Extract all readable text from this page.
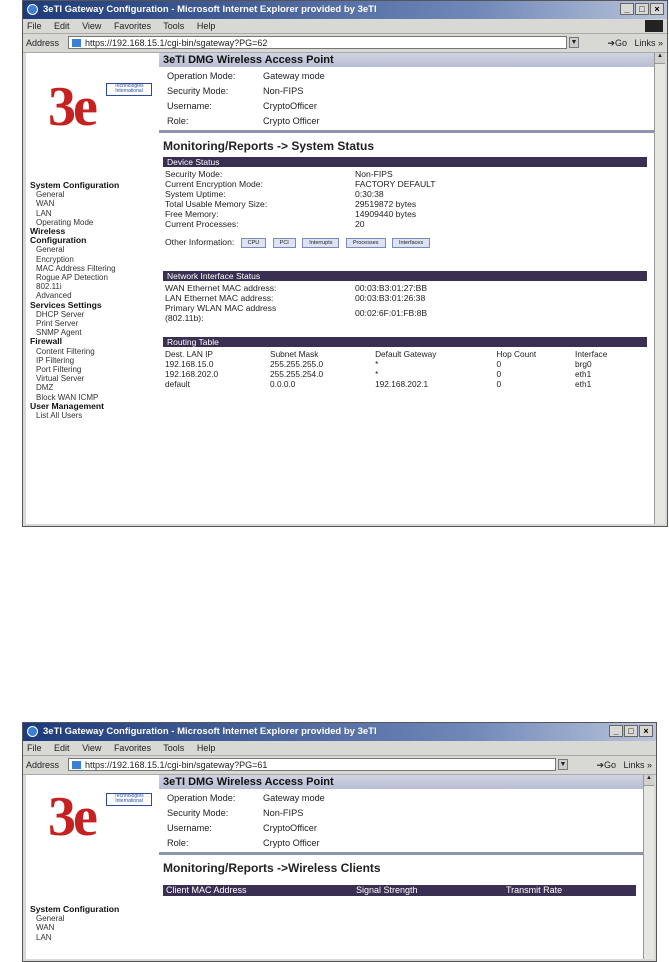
3eTI Gateway Configuration - Microsoft Internet Explorer provided by 3eTI	_	□	×
File Edit View Favorites Tools Help
Address	https://192.168.15.1/cgi-bin/sgateway?PG=62	▼	➔Go Links »
3e	Technologies International
System Configuration
General
WAN
LAN
Operating Mode
Wireless
Configuration
General
Encryption
MAC Address Filtering
Rogue AP Detection
802.11i
Advanced
Services Settings
DHCP Server
Print Server
SNMP Agent
Firewall
Content Filtering
IP Filtering
Port Filtering
Virtual Server
DMZ
Block WAN ICMP
User Management
List All Users
3eTI DMG Wireless Access Point
Operation Mode:	Gateway mode
Security Mode:	Non-FIPS
Username:	CryptoOfficer
Role:	Crypto Officer
Monitoring/Reports -> System Status
Device Status
Security Mode:	Non-FIPS
Current Encryption Mode:	FACTORY DEFAULT
System Uptime:	0:30:38
Total Usable Memory Size:	29519872 bytes
Free Memory:	14909440 bytes
Current Processes:	20
Other Information: CPU	PCI	Interrupts	Processes	Interfaces
Network Interface Status
WAN Ethernet MAC address:	00:03:B3:01:27:BB
LAN Ethernet MAC address:	00:03:B3:01:26:38
Primary WLAN MAC address (802.11b):	00:02:6F:01:FB:8B
Routing Table
Dest. LAN IP	Subnet Mask	Default Gateway	Hop Count	Interface
192.168.15.0	255.255.255.0	*	0	brg0
192.168.202.0	255.255.254.0	*	0	eth1
default	0.0.0.0	192.168.202.1	0	eth1
▲
3eTI Gateway Configuration - Microsoft Internet Explorer provided by 3eTI	_	□	×
File Edit View Favorites Tools Help
Address	https://192.168.15.1/cgi-bin/sgateway?PG=61	▼	➔Go Links »
3e	Technologies International
System Configuration
General
WAN
LAN
3eTI DMG Wireless Access Point
Operation Mode:	Gateway mode
Security Mode:	Non-FIPS
Username:	CryptoOfficer
Role:	Crypto Officer
Monitoring/Reports ->Wireless Clients
Client MAC Address	Signal Strength	Transmit Rate
▲
